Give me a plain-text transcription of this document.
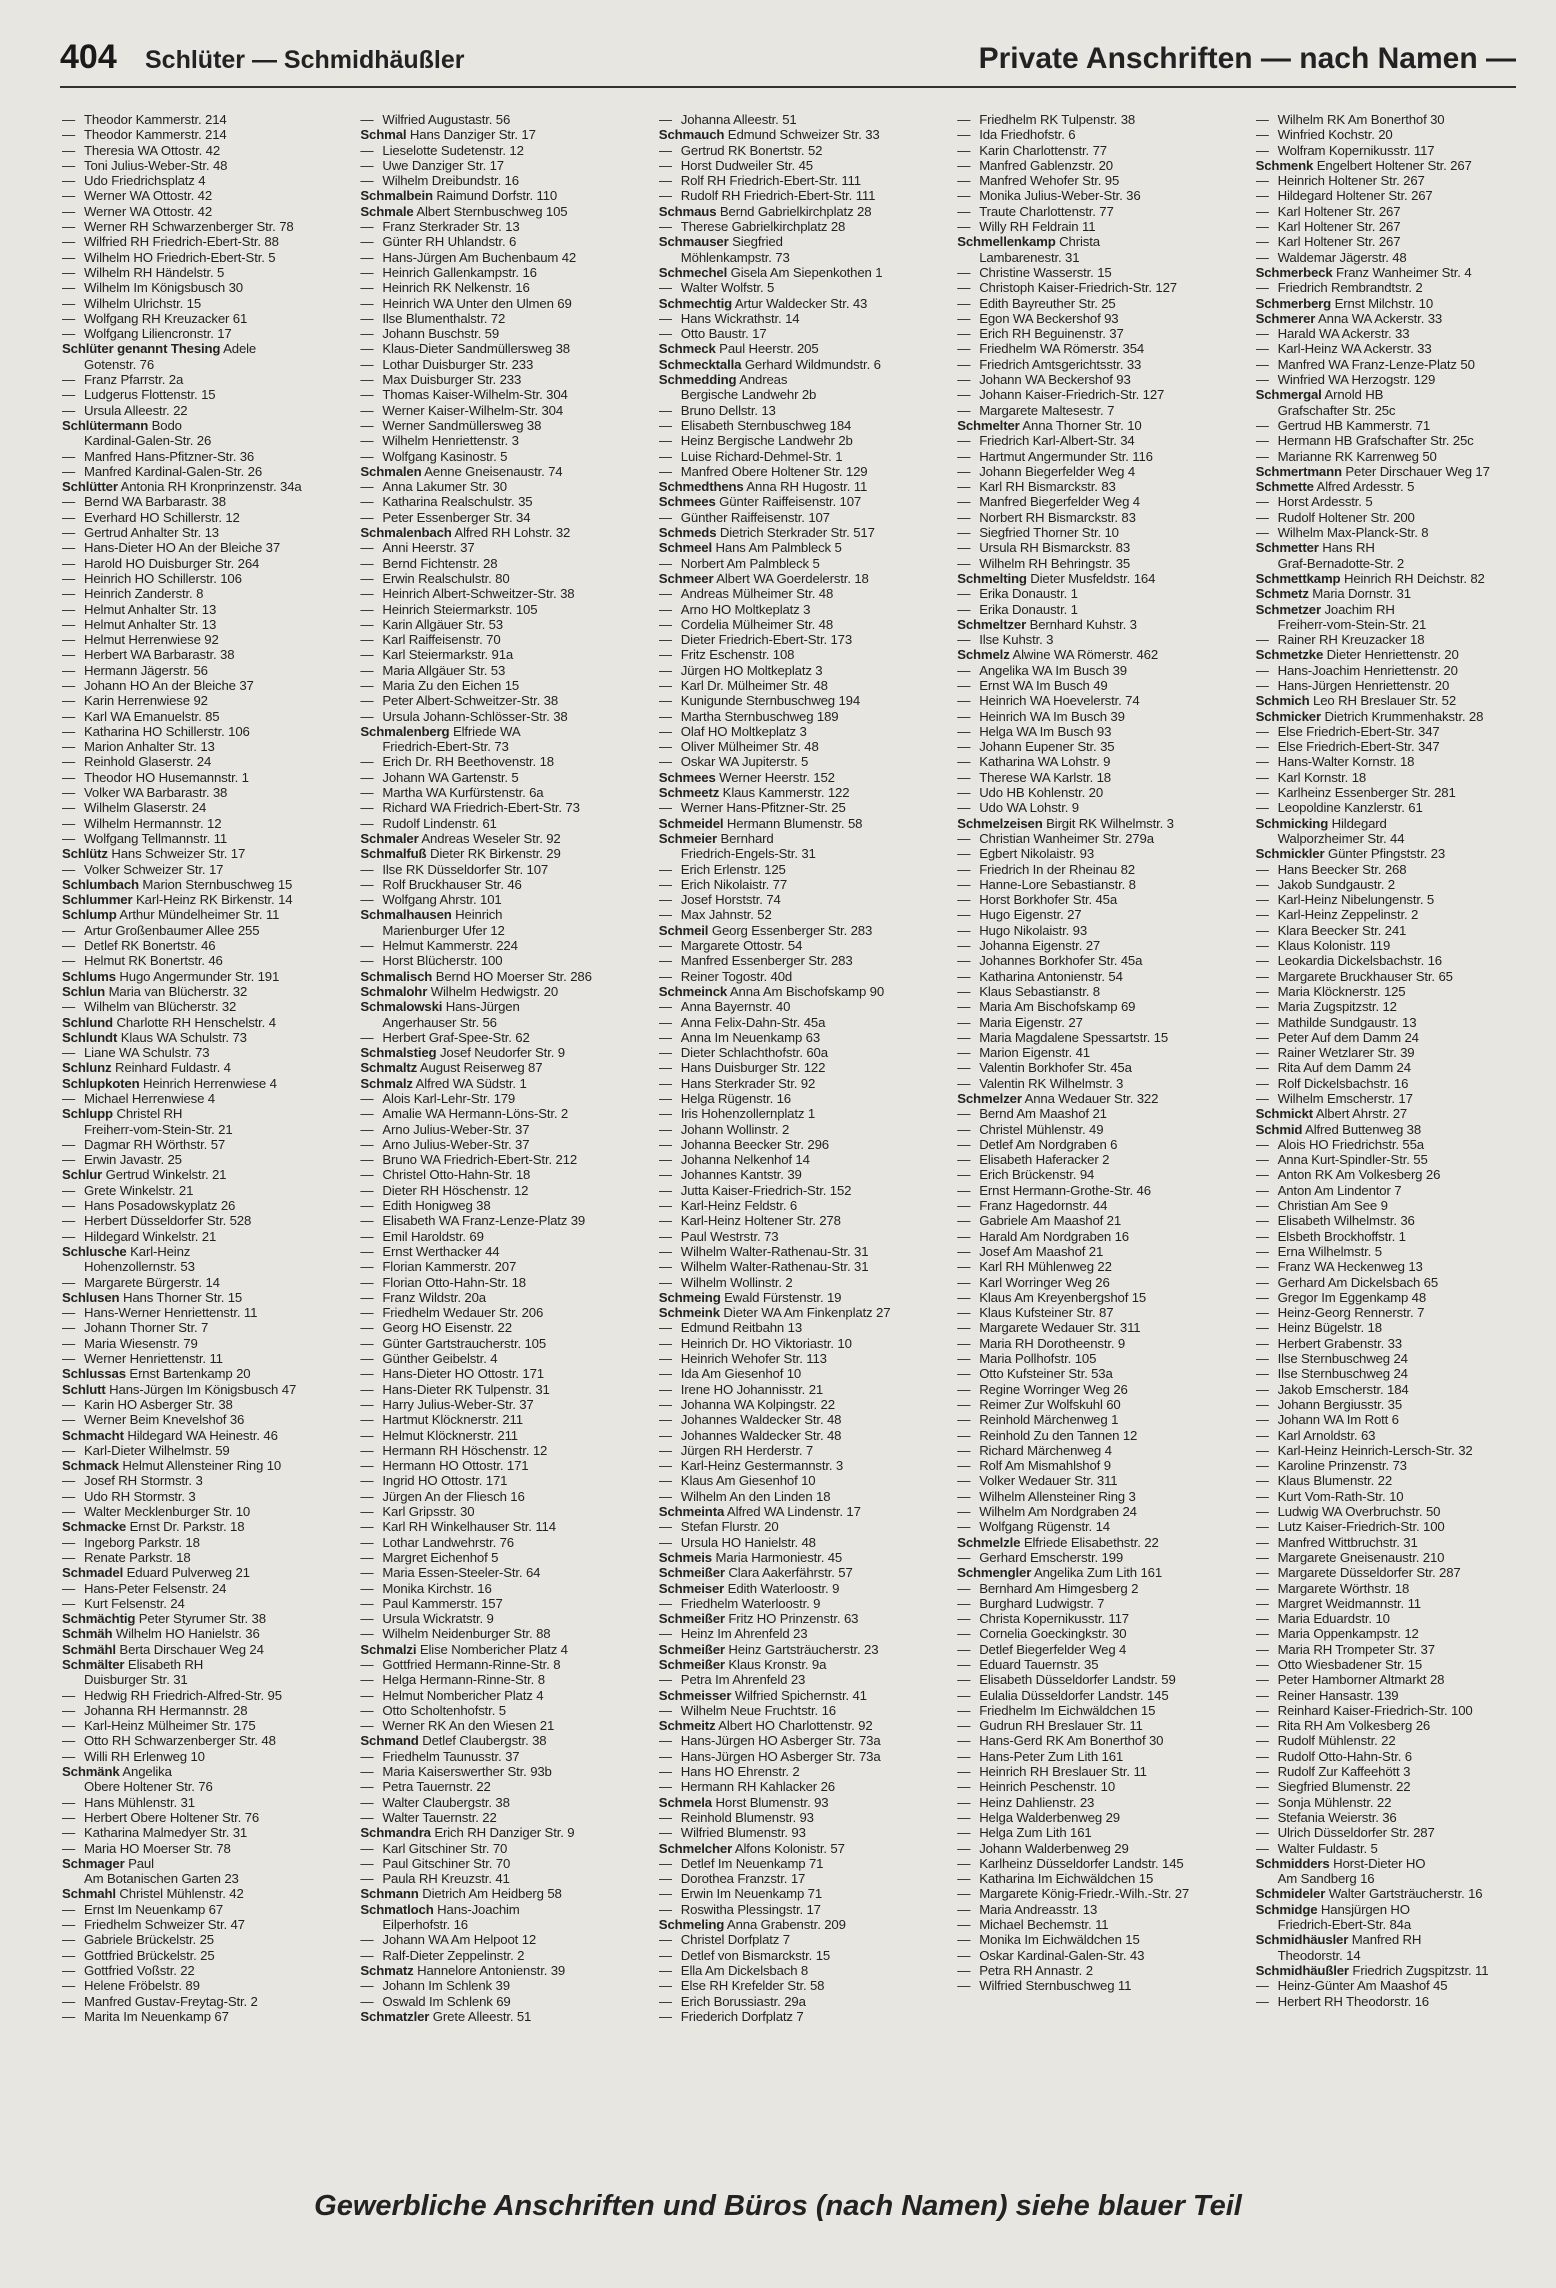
404 Schlüter — Schmidhäußler	Private Anschriften — nach Namen —
— Theodor Kammerstr. 214
— Theodor Kammerstr. 214
— Theresia WA Ottostr. 42
— Toni Julius-Weber-Str. 48
— Udo Friedrichsplatz 4
— Werner WA Ottostr. 42
— Werner WA Ottostr. 42
— Werner RH Schwarzenberger Str. 78
— Wilfried RH Friedrich-Ebert-Str. 88
— Wilhelm HO Friedrich-Ebert-Str. 5
— Wilhelm RH Händelstr. 5
— Wilhelm Im Königsbusch 30
— Wilhelm Ulrichstr. 15
— Wolfgang RH Kreuzacker 61
— Wolfgang Liliencronstr. 17
Schlüter genannt Thesing Adele
Gotenstr. 76
— Franz Pfarrstr. 2a
— Ludgerus Flottenstr. 15
— Ursula Alleestr. 22
Schlütermann Bodo
Kardinal-Galen-Str. 26
— Manfred Hans-Pfitzner-Str. 36
— Manfred Kardinal-Galen-Str. 26
Schlütter Antonia RH Kronprinzenstr. 34a
— Bernd WA Barbarastr. 38
— Everhard HO Schillerstr. 12
— Gertrud Anhalter Str. 13
— Hans-Dieter HO An der Bleiche 37
— Harold HO Duisburger Str. 264
— Heinrich HO Schillerstr. 106
— Heinrich Zanderstr. 8
— Helmut Anhalter Str. 13
— Helmut Anhalter Str. 13
— Helmut Herrenwiese 92
— Herbert WA Barbarastr. 38
— Hermann Jägerstr. 56
— Johann HO An der Bleiche 37
— Karin Herrenwiese 92
— Karl WA Emanuelstr. 85
— Katharina HO Schillerstr. 106
— Marion Anhalter Str. 13
— Reinhold Glaserstr. 24
— Theodor HO Husemannstr. 1
— Volker WA Barbarastr. 38
— Wilhelm Glaserstr. 24
— Wilhelm Hermannstr. 12
— Wolfgang Tellmannstr. 11
Schlütz Hans Schweizer Str. 17
— Volker Schweizer Str. 17
Schlumbach Marion Sternbuschweg 15
Schlummer Karl-Heinz RK Birkenstr. 14
Schlump Arthur Mündelheimer Str. 11
— Artur Großenbaumer Allee 255
— Detlef RK Bonertstr. 46
— Helmut RK Bonertstr. 46
Schlums Hugo Angermunder Str. 191
Schlun Maria van Blücherstr. 32
— Wilhelm van Blücherstr. 32
Schlund Charlotte RH Henschelstr. 4
Schlundt Klaus WA Schulstr. 73
— Liane WA Schulstr. 73
Schlunz Reinhard Fuldastr. 4
Schlupkoten Heinrich Herrenwiese 4
— Michael Herrenwiese 4
Schlupp Christel RH
Freiherr-vom-Stein-Str. 21
— Dagmar RH Wörthstr. 57
— Erwin Javastr. 25
Schlur Gertrud Winkelstr. 21
— Grete Winkelstr. 21
— Hans Posadowskyplatz 26
— Herbert Düsseldorfer Str. 528
— Hildegard Winkelstr. 21
Schlusche Karl-Heinz
Hohenzollernstr. 53
— Margarete Bürgerstr. 14
Schlusen Hans Thorner Str. 15
— Hans-Werner Henriettenstr. 11
— Johann Thorner Str. 7
— Maria Wiesenstr. 79
— Werner Henriettenstr. 11
Schlussas Ernst Bartenkamp 20
Schlutt Hans-Jürgen Im Königsbusch 47
— Karin HO Asberger Str. 38
— Werner Beim Knevelshof 36
Schmacht Hildegard WA Heinestr. 46
— Karl-Dieter Wilhelmstr. 59
Schmack Helmut Allensteiner Ring 10
— Josef RH Stormstr. 3
— Udo RH Stormstr. 3
— Walter Mecklenburger Str. 10
Schmacke Ernst Dr. Parkstr. 18
— Ingeborg Parkstr. 18
— Renate Parkstr. 18
Schmadel Eduard Pulverweg 21
— Hans-Peter Felsenstr. 24
— Kurt Felsenstr. 24
Schmächtig Peter Styrumer Str. 38
Schmäh Wilhelm HO Hanielstr. 36
Schmähl Berta Dirschauer Weg 24
Schmälter Elisabeth RH
Duisburger Str. 31
— Hedwig RH Friedrich-Alfred-Str. 95
— Johanna RH Hermannstr. 28
— Karl-Heinz Mülheimer Str. 175
— Otto RH Schwarzenberger Str. 48
— Willi RH Erlenweg 10
Schmänk Angelika
Obere Holtener Str. 76
— Hans Mühlenstr. 31
— Herbert Obere Holtener Str. 76
— Katharina Malmedyer Str. 31
— Maria HO Moerser Str. 78
Schmager Paul
Am Botanischen Garten 23
Schmahl Christel Mühlenstr. 42
— Ernst Im Neuenkamp 67
— Friedhelm Schweizer Str. 47
— Gabriele Brückelstr. 25
— Gottfried Brückelstr. 25
— Gottfried Voßstr. 22
— Helene Fröbelstr. 89
— Manfred Gustav-Freytag-Str. 2
— Marita Im Neuenkamp 67
— Wilfried Augustastr. 56
Schmal Hans Danziger Str. 17
— Lieselotte Sudetenstr. 12
— Uwe Danziger Str. 17
— Wilhelm Dreibundstr. 16
Schmalbein Raimund Dorfstr. 110
Schmale Albert Sternbuschweg 105
— Franz Sterkrader Str. 13
— Günter RH Uhlandstr. 6
— Hans-Jürgen Am Buchenbaum 42
— Heinrich Gallenkampstr. 16
— Heinrich RK Nelkenstr. 16
— Heinrich WA Unter den Ulmen 69
— Ilse Blumenthalstr. 72
— Johann Buschstr. 59
— Klaus-Dieter Sandmüllersweg 38
— Lothar Duisburger Str. 233
— Max Duisburger Str. 233
— Thomas Kaiser-Wilhelm-Str. 304
— Werner Kaiser-Wilhelm-Str. 304
— Werner Sandmüllersweg 38
— Wilhelm Henriettenstr. 3
— Wolfgang Kasinostr. 5
Schmalen Aenne Gneisenaustr. 74
— Anna Lakumer Str. 30
— Katharina Realschulstr. 35
— Peter Essenberger Str. 34
Schmalenbach Alfred RH Lohstr. 32
— Anni Heerstr. 37
— Bernd Fichtenstr. 28
— Erwin Realschulstr. 80
— Heinrich Albert-Schweitzer-Str. 38
— Heinrich Steiermarkstr. 105
— Karin Allgäuer Str. 53
— Karl Raiffeisenstr. 70
— Karl Steiermarkstr. 91a
— Maria Allgäuer Str. 53
— Maria Zu den Eichen 15
— Peter Albert-Schweitzer-Str. 38
— Ursula Johann-Schlösser-Str. 38
Schmalenberg Elfriede WA
Friedrich-Ebert-Str. 73
— Erich Dr. RH Beethovenstr. 18
— Johann WA Gartenstr. 5
— Martha WA Kurfürstenstr. 6a
— Richard WA Friedrich-Ebert-Str. 73
— Rudolf Lindenstr. 61
Schmaler Andreas Weseler Str. 92
Schmalfuß Dieter RK Birkenstr. 29
— Ilse RK Düsseldorfer Str. 107
— Rolf Bruckhauser Str. 46
— Wolfgang Ahrstr. 101
Schmalhausen Heinrich
Marienburger Ufer 12
— Helmut Kammerstr. 224
— Horst Blücherstr. 100
Schmalisch Bernd HO Moerser Str. 286
Schmalohr Wilhelm Hedwigstr. 20
Schmalowski Hans-Jürgen
Angerhauser Str. 56
— Herbert Graf-Spee-Str. 62
Schmalstieg Josef Neudorfer Str. 9
Schmaltz August Reiserweg 87
Schmalz Alfred WA Südstr. 1
— Alois Karl-Lehr-Str. 179
— Amalie WA Hermann-Löns-Str. 2
— Arno Julius-Weber-Str. 37
— Arno Julius-Weber-Str. 37
— Bruno WA Friedrich-Ebert-Str. 212
— Christel Otto-Hahn-Str. 18
— Dieter RH Höschenstr. 12
— Edith Honigweg 38
— Elisabeth WA Franz-Lenze-Platz 39
— Emil Haroldstr. 69
— Ernst Werthacker 44
— Florian Kammerstr. 207
— Florian Otto-Hahn-Str. 18
— Franz Wildstr. 20a
— Friedhelm Wedauer Str. 206
— Georg HO Eisenstr. 22
— Günter Gartstraucherstr. 105
— Günther Geibelstr. 4
— Hans-Dieter HO Ottostr. 171
— Hans-Dieter RK Tulpenstr. 31
— Harry Julius-Weber-Str. 37
— Hartmut Klöcknerstr. 211
— Helmut Klöcknerstr. 211
— Hermann RH Höschenstr. 12
— Hermann HO Ottostr. 171
— Ingrid HO Ottostr. 171
— Jürgen An der Fliesch 16
— Karl Gripsstr. 30
— Karl RH Winkelhauser Str. 114
— Lothar Landwehrstr. 76
— Margret Eichenhof 5
— Maria Essen-Steeler-Str. 64
— Monika Kirchstr. 16
— Paul Kammerstr. 157
— Ursula Wickratstr. 9
— Wilhelm Neidenburger Str. 88
Schmalzi Elise Nombericher Platz 4
— Gottfried Hermann-Rinne-Str. 8
— Helga Hermann-Rinne-Str. 8
— Helmut Nombericher Platz 4
— Otto Scholtenhofstr. 5
— Werner RK An den Wiesen 21
Schmand Detlef Claubergstr. 38
— Friedhelm Taunusstr. 37
— Maria Kaiserswerther Str. 93b
— Petra Tauernstr. 22
— Walter Claubergstr. 38
— Walter Tauernstr. 22
Schmandra Erich RH Danziger Str. 9
— Karl Gitschiner Str. 70
— Paul Gitschiner Str. 70
— Paula RH Kreuzstr. 41
Schmann Dietrich Am Heidberg 58
Schmatloch Hans-Joachim
Eilperhofstr. 16
— Johann WA Am Helpoot 12
— Ralf-Dieter Zeppelinstr. 2
Schmatz Hannelore Antonienstr. 39
— Johann Im Schlenk 39
— Oswald Im Schlenk 69
Schmatzler Grete Alleestr. 51
— Johanna Alleestr. 51
Schmauch Edmund Schweizer Str. 33
— Gertrud RK Bonertstr. 52
— Horst Dudweiler Str. 45
— Rolf RH Friedrich-Ebert-Str. 111
— Rudolf RH Friedrich-Ebert-Str. 111
Schmaus Bernd Gabrielkirchplatz 28
— Therese Gabrielkirchplatz 28
Schmauser Siegfried
Möhlenkampstr. 73
Schmechel Gisela Am Siepenkothen 1
— Walter Wolfstr. 5
Schmechtig Artur Waldecker Str. 43
— Hans Wickrathstr. 14
— Otto Baustr. 17
Schmeck Paul Heerstr. 205
Schmecktalla Gerhard Wildmundstr. 6
Schmedding Andreas
Bergische Landwehr 2b
— Bruno Dellstr. 13
— Elisabeth Sternbuschweg 184
— Heinz Bergische Landwehr 2b
— Luise Richard-Dehmel-Str. 1
— Manfred Obere Holtener Str. 129
Schmedthens Anna RH Hugostr. 11
Schmees Günter Raiffeisenstr. 107
— Günther Raiffeisenstr. 107
Schmeds Dietrich Sterkrader Str. 517
Schmeel Hans Am Palmbleck 5
— Norbert Am Palmbleck 5
Schmeer Albert WA Goerdelerstr. 18
— Andreas Mülheimer Str. 48
— Arno HO Moltkeplatz 3
— Cordelia Mülheimer Str. 48
— Dieter Friedrich-Ebert-Str. 173
— Fritz Eschenstr. 108
— Jürgen HO Moltkeplatz 3
— Karl Dr. Mülheimer Str. 48
— Kunigunde Sternbuschweg 194
— Martha Sternbuschweg 189
— Olaf HO Moltkeplatz 3
— Oliver Mülheimer Str. 48
— Oskar WA Jupiterstr. 5
Schmees Werner Heerstr. 152
Schmeetz Klaus Kammerstr. 122
— Werner Hans-Pfitzner-Str. 25
Schmeidel Hermann Blumenstr. 58
Schmeier Bernhard
Friedrich-Engels-Str. 31
— Erich Erlenstr. 125
— Erich Nikolaistr. 77
— Josef Horststr. 74
— Max Jahnstr. 52
Schmeil Georg Essenberger Str. 283
— Margarete Ottostr. 54
— Manfred Essenberger Str. 283
— Reiner Togostr. 40d
Schmeinck Anna Am Bischofskamp 90
— Anna Bayernstr. 40
— Anna Felix-Dahn-Str. 45a
— Anna Im Neuenkamp 63
— Dieter Schlachthofstr. 60a
— Hans Duisburger Str. 122
— Hans Sterkrader Str. 92
— Helga Rügenstr. 16
— Iris Hohenzollernplatz 1
— Johann Wollinstr. 2
— Johanna Beecker Str. 296
— Johanna Nelkenhof 14
— Johannes Kantstr. 39
— Jutta Kaiser-Friedrich-Str. 152
— Karl-Heinz Feldstr. 6
— Karl-Heinz Holtener Str. 278
— Paul Westrstr. 73
— Wilhelm Walter-Rathenau-Str. 31
— Wilhelm Walter-Rathenau-Str. 31
— Wilhelm Wollinstr. 2
Schmeing Ewald Fürstenstr. 19
Schmeink Dieter WA Am Finkenplatz 27
— Edmund Reitbahn 13
— Heinrich Dr. HO Viktoriastr. 10
— Heinrich Wehofer Str. 113
— Ida Am Giesenhof 10
— Irene HO Johannisstr. 21
— Johanna WA Kolpingstr. 22
— Johannes Waldecker Str. 48
— Johannes Waldecker Str. 48
— Jürgen RH Herderstr. 7
— Karl-Heinz Gestermannstr. 3
— Klaus Am Giesenhof 10
— Wilhelm An den Linden 18
Schmeinta Alfred WA Lindenstr. 17
— Stefan Flurstr. 20
— Ursula HO Hanielstr. 48
Schmeis Maria Harmoniestr. 45
Schmeißer Clara Aakerfährstr. 57
Schmeiser Edith Waterloostr. 9
— Friedhelm Waterloostr. 9
Schmeißer Fritz HO Prinzenstr. 63
— Heinz Im Ahrenfeld 23
Schmeißer Heinz Gartsträucherstr. 23
Schmeißer Klaus Kronstr. 9a
— Petra Im Ahrenfeld 23
Schmeisser Wilfried Spichernstr. 41
— Wilhelm Neue Fruchtstr. 16
Schmeitz Albert HO Charlottenstr. 92
— Hans-Jürgen HO Asberger Str. 73a
— Hans-Jürgen HO Asberger Str. 73a
— Hans HO Ehrenstr. 2
— Hermann RH Kahlacker 26
Schmela Horst Blumenstr. 93
— Reinhold Blumenstr. 93
— Wilfried Blumenstr. 93
Schmelcher Alfons Kolonistr. 57
— Detlef Im Neuenkamp 71
— Dorothea Franzstr. 17
— Erwin Im Neuenkamp 71
— Roswitha Plessingstr. 17
Schmeling Anna Grabenstr. 209
— Christel Dorfplatz 7
— Detlef von Bismarckstr. 15
— Ella Am Dickelsbach 8
— Else RH Krefelder Str. 58
— Erich Borussiastr. 29a
— Friederich Dorfplatz 7
— Friedhelm RK Tulpenstr. 38
— Ida Friedhofstr. 6
— Karin Charlottenstr. 77
— Manfred Gablenzstr. 20
— Manfred Wehofer Str. 95
— Monika Julius-Weber-Str. 36
— Traute Charlottenstr. 77
— Willy RH Feldrain 11
Schmellenkamp Christa
Lambarenestr. 31
— Christine Wasserstr. 15
— Christoph Kaiser-Friedrich-Str. 127
— Edith Bayreuther Str. 25
— Egon WA Beckershof 93
— Erich RH Beguinenstr. 37
— Friedhelm WA Römerstr. 354
— Friedrich Amtsgerichtsstr. 33
— Johann WA Beckershof 93
— Johann Kaiser-Friedrich-Str. 127
— Margarete Maltesestr. 7
Schmelter Anna Thorner Str. 10
— Friedrich Karl-Albert-Str. 34
— Hartmut Angermunder Str. 116
— Johann Biegerfelder Weg 4
— Karl RH Bismarckstr. 83
— Manfred Biegerfelder Weg 4
— Norbert RH Bismarckstr. 83
— Siegfried Thorner Str. 10
— Ursula RH Bismarckstr. 83
— Wilhelm RH Behringstr. 35
Schmelting Dieter Musfeldstr. 164
— Erika Donaustr. 1
— Erika Donaustr. 1
Schmeltzer Bernhard Kuhstr. 3
— Ilse Kuhstr. 3
Schmelz Alwine WA Römerstr. 462
— Angelika WA Im Busch 39
— Ernst WA Im Busch 49
— Heinrich WA Hoevelerstr. 74
— Heinrich WA Im Busch 39
— Helga WA Im Busch 93
— Johann Eupener Str. 35
— Katharina WA Lohstr. 9
— Therese WA Karlstr. 18
— Udo HB Kohlenstr. 20
— Udo WA Lohstr. 9
Schmelzeisen Birgit RK Wilhelmstr. 3
— Christian Wanheimer Str. 279a
— Egbert Nikolaistr. 93
— Friedrich In der Rheinau 82
— Hanne-Lore Sebastianstr. 8
— Horst Borkhofer Str. 45a
— Hugo Eigenstr. 27
— Hugo Nikolaistr. 93
— Johanna Eigenstr. 27
— Johannes Borkhofer Str. 45a
— Katharina Antonienstr. 54
— Klaus Sebastianstr. 8
— Maria Am Bischofskamp 69
— Maria Eigenstr. 27
— Maria Magdalene Spessartstr. 15
— Marion Eigenstr. 41
— Valentin Borkhofer Str. 45a
— Valentin RK Wilhelmstr. 3
Schmelzer Anna Wedauer Str. 322
— Bernd Am Maashof 21
— Christel Mühlenstr. 49
— Detlef Am Nordgraben 6
— Elisabeth Haferacker 2
— Erich Brückenstr. 94
— Ernst Hermann-Grothe-Str. 46
— Franz Hagedornstr. 44
— Gabriele Am Maashof 21
— Harald Am Nordgraben 16
— Josef Am Maashof 21
— Karl RH Mühlenweg 22
— Karl Worringer Weg 26
— Klaus Am Kreyenbergshof 15
— Klaus Kufsteiner Str. 87
— Margarete Wedauer Str. 311
— Maria RH Dorotheenstr. 9
— Maria Pollhofstr. 105
— Otto Kufsteiner Str. 53a
— Regine Worringer Weg 26
— Reimer Zur Wolfskuhl 60
— Reinhold Märchenweg 1
— Reinhold Zu den Tannen 12
— Richard Märchenweg 4
— Rolf Am Mismahlshof 9
— Volker Wedauer Str. 311
— Wilhelm Allensteiner Ring 3
— Wilhelm Am Nordgraben 24
— Wolfgang Rügenstr. 14
Schmelzle Elfriede Elisabethstr. 22
— Gerhard Emscherstr. 199
Schmengler Angelika Zum Lith 161
— Bernhard Am Himgesberg 2
— Burghard Ludwigstr. 7
— Christa Kopernikusstr. 117
— Cornelia Goeckingkstr. 30
— Detlef Biegerfelder Weg 4
— Eduard Tauernstr. 35
— Elisabeth Düsseldorfer Landstr. 59
— Eulalia Düsseldorfer Landstr. 145
— Friedhelm Im Eichwäldchen 15
— Gudrun RH Breslauer Str. 11
— Hans-Gerd RK Am Bonerthof 30
— Hans-Peter Zum Lith 161
— Heinrich RH Breslauer Str. 11
— Heinrich Peschenstr. 10
— Heinz Dahlienstr. 23
— Helga Walderbenweg 29
— Helga Zum Lith 161
— Johann Walderbenweg 29
— Karlheinz Düsseldorfer Landstr. 145
— Katharina Im Eichwäldchen 15
— Margarete König-Friedr.-Wilh.-Str. 27
— Maria Andreasstr. 13
— Michael Bechemstr. 11
— Monika Im Eichwäldchen 15
— Oskar Kardinal-Galen-Str. 43
— Petra RH Annastr. 2
— Wilfried Sternbuschweg 11
— Wilhelm RK Am Bonerthof 30
— Winfried Kochstr. 20
— Wolfram Kopernikusstr. 117
Schmenk Engelbert Holtener Str. 267
— Heinrich Holtener Str. 267
— Hildegard Holtener Str. 267
— Karl Holtener Str. 267
— Karl Holtener Str. 267
— Karl Holtener Str. 267
— Waldemar Jägerstr. 48
Schmerbeck Franz Wanheimer Str. 4
— Friedrich Rembrandtstr. 2
Schmerberg Ernst Milchstr. 10
Schmerer Anna WA Ackerstr. 33
— Harald WA Ackerstr. 33
— Karl-Heinz WA Ackerstr. 33
— Manfred WA Franz-Lenze-Platz 50
— Winfried WA Herzogstr. 129
Schmergal Arnold HB
Grafschafter Str. 25c
— Gertrud HB Kammerstr. 71
— Hermann HB Grafschafter Str. 25c
— Marianne RK Karrenweg 50
Schmertmann Peter Dirschauer Weg 17
Schmette Alfred Ardesstr. 5
— Horst Ardesstr. 5
— Rudolf Holtener Str. 200
— Wilhelm Max-Planck-Str. 8
Schmetter Hans RH
Graf-Bernadotte-Str. 2
Schmettkamp Heinrich RH Deichstr. 82
Schmetz Maria Dornstr. 31
Schmetzer Joachim RH
Freiherr-vom-Stein-Str. 21
— Rainer RH Kreuzacker 18
Schmetzke Dieter Henriettenstr. 20
— Hans-Joachim Henriettenstr. 20
— Hans-Jürgen Henriettenstr. 20
Schmich Leo RH Breslauer Str. 52
Schmicker Dietrich Krummenhakstr. 28
— Else Friedrich-Ebert-Str. 347
— Else Friedrich-Ebert-Str. 347
— Hans-Walter Kornstr. 18
— Karl Kornstr. 18
— Karlheinz Essenberger Str. 281
— Leopoldine Kanzlerstr. 61
Schmicking Hildegard
Walporzheimer Str. 44
Schmickler Günter Pfingststr. 23
— Hans Beecker Str. 268
— Jakob Sundgaustr. 2
— Karl-Heinz Nibelungenstr. 5
— Karl-Heinz Zeppelinstr. 2
— Klara Beecker Str. 241
— Klaus Kolonistr. 119
— Leokardia Dickelsbachstr. 16
— Margarete Bruckhauser Str. 65
— Maria Klöcknerstr. 125
— Maria Zugspitzstr. 12
— Mathilde Sundgaustr. 13
— Peter Auf dem Damm 24
— Rainer Wetzlarer Str. 39
— Rita Auf dem Damm 24
— Rolf Dickelsbachstr. 16
— Wilhelm Emscherstr. 17
Schmickt Albert Ahrstr. 27
Schmid Alfred Buttenweg 38
— Alois HO Friedrichstr. 55a
— Anna Kurt-Spindler-Str. 55
— Anton RK Am Volkesberg 26
— Anton Am Lindentor 7
— Christian Am See 9
— Elisabeth Wilhelmstr. 36
— Elsbeth Brockhoffstr. 1
— Erna Wilhelmstr. 5
— Franz WA Heckenweg 13
— Gerhard Am Dickelsbach 65
— Gregor Im Eggenkamp 48
— Heinz-Georg Rennerstr. 7
— Heinz Bügelstr. 18
— Herbert Grabenstr. 33
— Ilse Sternbuschweg 24
— Ilse Sternbuschweg 24
— Jakob Emscherstr. 184
— Johann Bergiusstr. 35
— Johann WA Im Rott 6
— Karl Arnoldstr. 63
— Karl-Heinz Heinrich-Lersch-Str. 32
— Karoline Prinzenstr. 73
— Klaus Blumenstr. 22
— Kurt Vom-Rath-Str. 10
— Ludwig WA Overbruchstr. 50
— Lutz Kaiser-Friedrich-Str. 100
— Manfred Wittbruchstr. 31
— Margarete Gneisenaustr. 210
— Margarete Düsseldorfer Str. 287
— Margarete Wörthstr. 18
— Margret Weidmannstr. 11
— Maria Eduardstr. 10
— Maria Oppenkampstr. 12
— Maria RH Trompeter Str. 37
— Otto Wiesbadener Str. 15
— Peter Hamborner Altmarkt 28
— Reiner Hansastr. 139
— Reinhard Kaiser-Friedrich-Str. 100
— Rita RH Am Volkesberg 26
— Rudolf Mühlenstr. 22
— Rudolf Otto-Hahn-Str. 6
— Rudolf Zur Kaffeehött 3
— Siegfried Blumenstr. 22
— Sonja Mühlenstr. 22
— Stefania Weierstr. 36
— Ulrich Düsseldorfer Str. 287
— Walter Fuldastr. 5
Schmidders Horst-Dieter HO
Am Sandberg 16
Schmideler Walter Gartsträucherstr. 16
Schmidge Hansjürgen HO
Friedrich-Ebert-Str. 84a
Schmidhäusler Manfred RH
Theodorstr. 14
Schmidhäußler Friedrich Zugspitzstr. 11
— Heinz-Günter Am Maashof 45
— Herbert RH Theodorstr. 16
Gewerbliche Anschriften und Büros (nach Namen) siehe blauer Teil
